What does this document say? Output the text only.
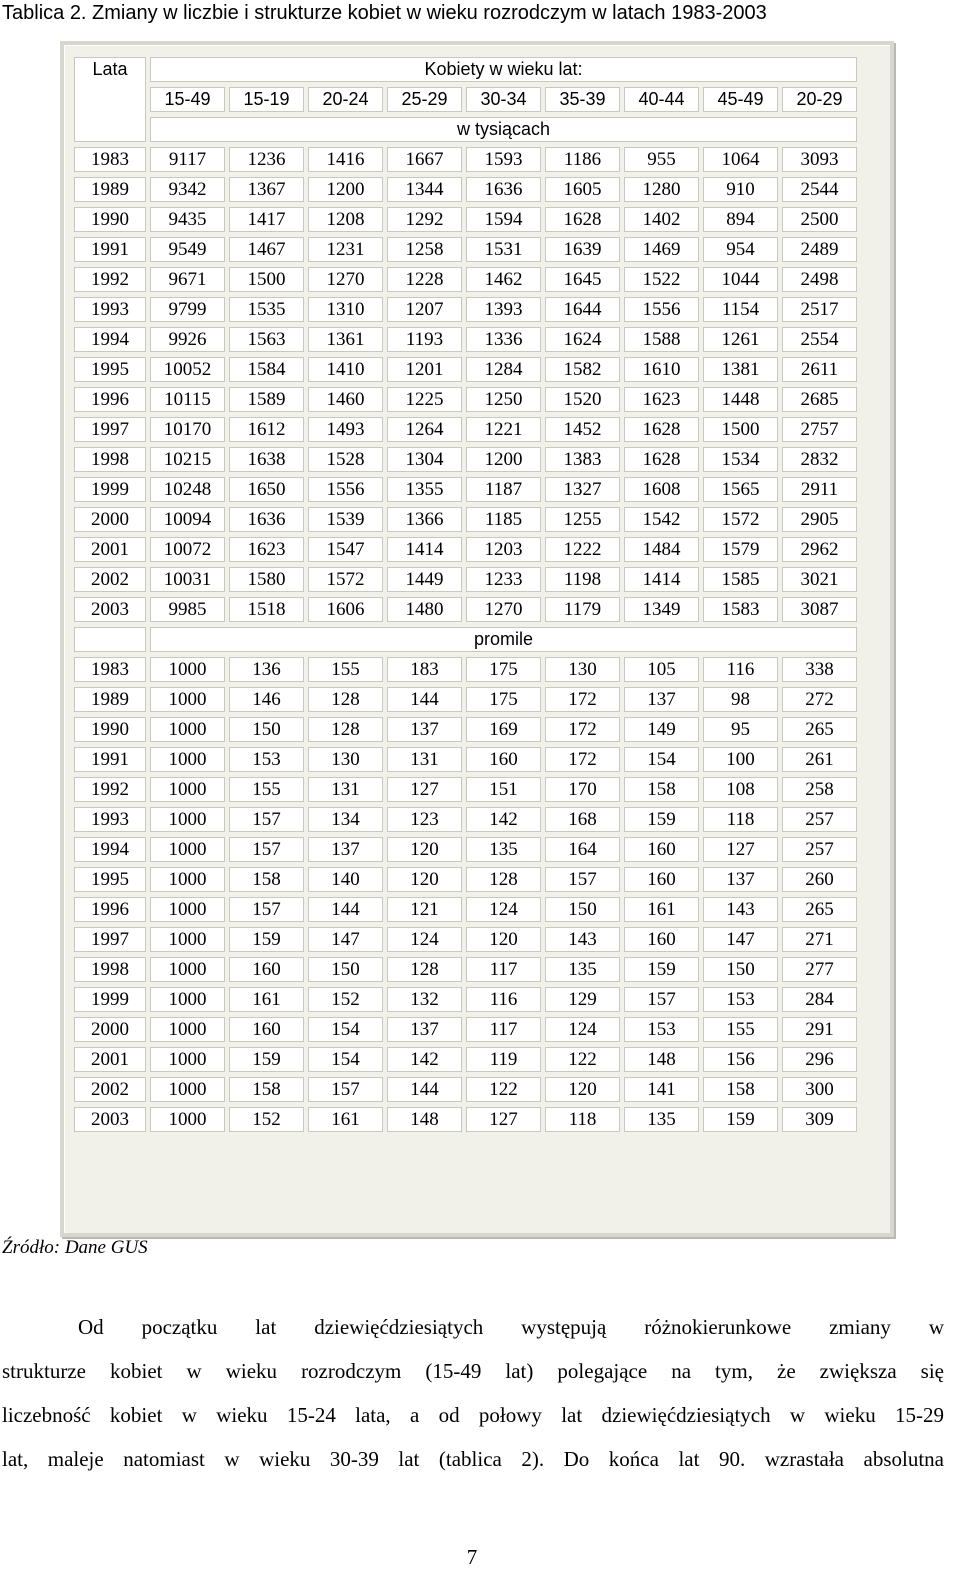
Tablica 2. Zmiany w liczbie i strukturze kobiet w wieku rozrodczym w latach 1983-2003
Lata	Kobiety w wieku lat:								
	15-49	15-19	20-24	25-29	30-34	35-39	40-44	45-49	20-29
	w tysiącach								
1983	9117	1236	1416	1667	1593	1186	955	1064	3093
1989	9342	1367	1200	1344	1636	1605	1280	910	2544
1990	9435	1417	1208	1292	1594	1628	1402	894	2500
1991	9549	1467	1231	1258	1531	1639	1469	954	2489
1992	9671	1500	1270	1228	1462	1645	1522	1044	2498
1993	9799	1535	1310	1207	1393	1644	1556	1154	2517
1994	9926	1563	1361	1193	1336	1624	1588	1261	2554
1995	10052	1584	1410	1201	1284	1582	1610	1381	2611
1996	10115	1589	1460	1225	1250	1520	1623	1448	2685
1997	10170	1612	1493	1264	1221	1452	1628	1500	2757
1998	10215	1638	1528	1304	1200	1383	1628	1534	2832
1999	10248	1650	1556	1355	1187	1327	1608	1565	2911
2000	10094	1636	1539	1366	1185	1255	1542	1572	2905
2001	10072	1623	1547	1414	1203	1222	1484	1579	2962
2002	10031	1580	1572	1449	1233	1198	1414	1585	3021
2003	9985	1518	1606	1480	1270	1179	1349	1583	3087
	promile								
1983	1000	136	155	183	175	130	105	116	338
1989	1000	146	128	144	175	172	137	98	272
1990	1000	150	128	137	169	172	149	95	265
1991	1000	153	130	131	160	172	154	100	261
1992	1000	155	131	127	151	170	158	108	258
1993	1000	157	134	123	142	168	159	118	257
1994	1000	157	137	120	135	164	160	127	257
1995	1000	158	140	120	128	157	160	137	260
1996	1000	157	144	121	124	150	161	143	265
1997	1000	159	147	124	120	143	160	147	271
1998	1000	160	150	128	117	135	159	150	277
1999	1000	161	152	132	116	129	157	153	284
2000	1000	160	154	137	117	124	153	155	291
2001	1000	159	154	142	119	122	148	156	296
2002	1000	158	157	144	122	120	141	158	300
2003	1000	152	161	148	127	118	135	159	309
Źródło: Dane GUS
Od początku lat dziewięćdziesiątych występują różnokierunkowe zmiany w
strukturze kobiet w wieku rozrodczym (15-49 lat) polegające na tym, że zwiększa się
liczebność kobiet w wieku 15-24 lata, a od połowy lat dziewięćdziesiątych w wieku 15-29
lat, maleje natomiast w wieku 30-39 lat (tablica 2). Do końca lat 90. wzrastała absolutna
7
